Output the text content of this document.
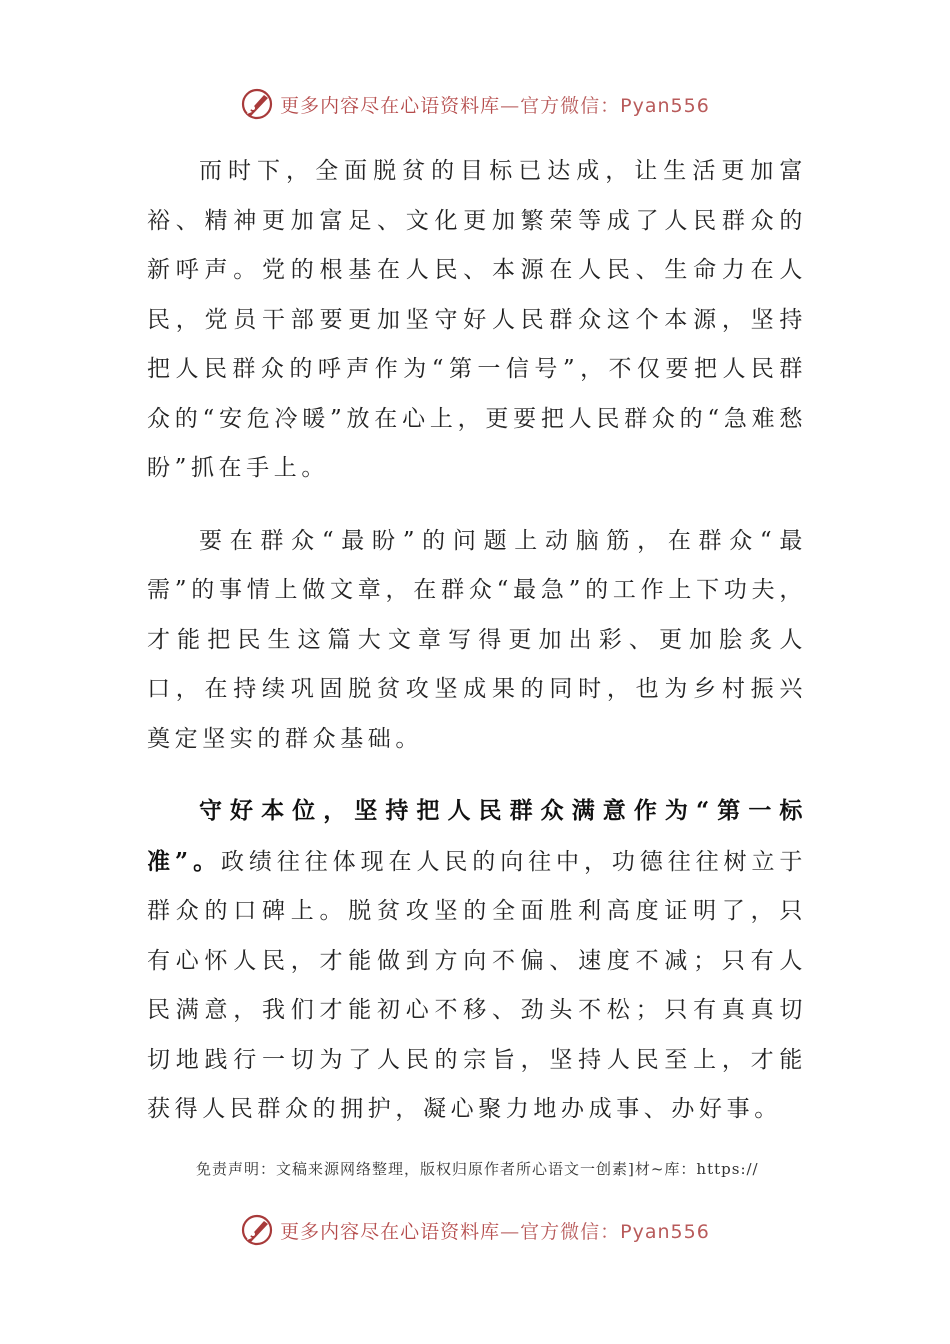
更多内容尽在心语资料库—官方微信：Pyan556

而时下，全面脱贫的目标已达成，让生活更加富裕、精神更加富足、文化更加繁荣等成了人民群众的新呼声。党的根基在人民、本源在人民、生命力在人民，党员干部要更加坚守好人民群众这个本源，坚持把人民群众的呼声作为“第一信号”，不仅要把人民群众的“安危冷暖”放在心上，更要把人民群众的“急难愁盼”抓在手上。

要在群众“最盼”的问题上动脑筋，在群众“最需”的事情上做文章，在群众“最急”的工作上下功夫，才能把民生这篇大文章写得更加出彩、更加脍炙人口，在持续巩固脱贫攻坚成果的同时，也为乡村振兴奠定坚实的群众基础。

守好本位，坚持把人民群众满意作为“第一标准”。政绩往往体现在人民的向往中，功德往往树立于群众的口碑上。脱贫攻坚的全面胜利高度证明了，只有心怀人民，才能做到方向不偏、速度不减；只有人民满意，我们才能初心不移、劲头不松；只有真真切切地践行一切为了人民的宗旨，坚持人民至上，才能获得人民群众的拥护，凝心聚力地办成事、办好事。

免责声明：文稿来源网络整理，版权归原作者所心语文一创素]材~库：https://
更多内容尽在心语资料库—官方微信：Pyan556
